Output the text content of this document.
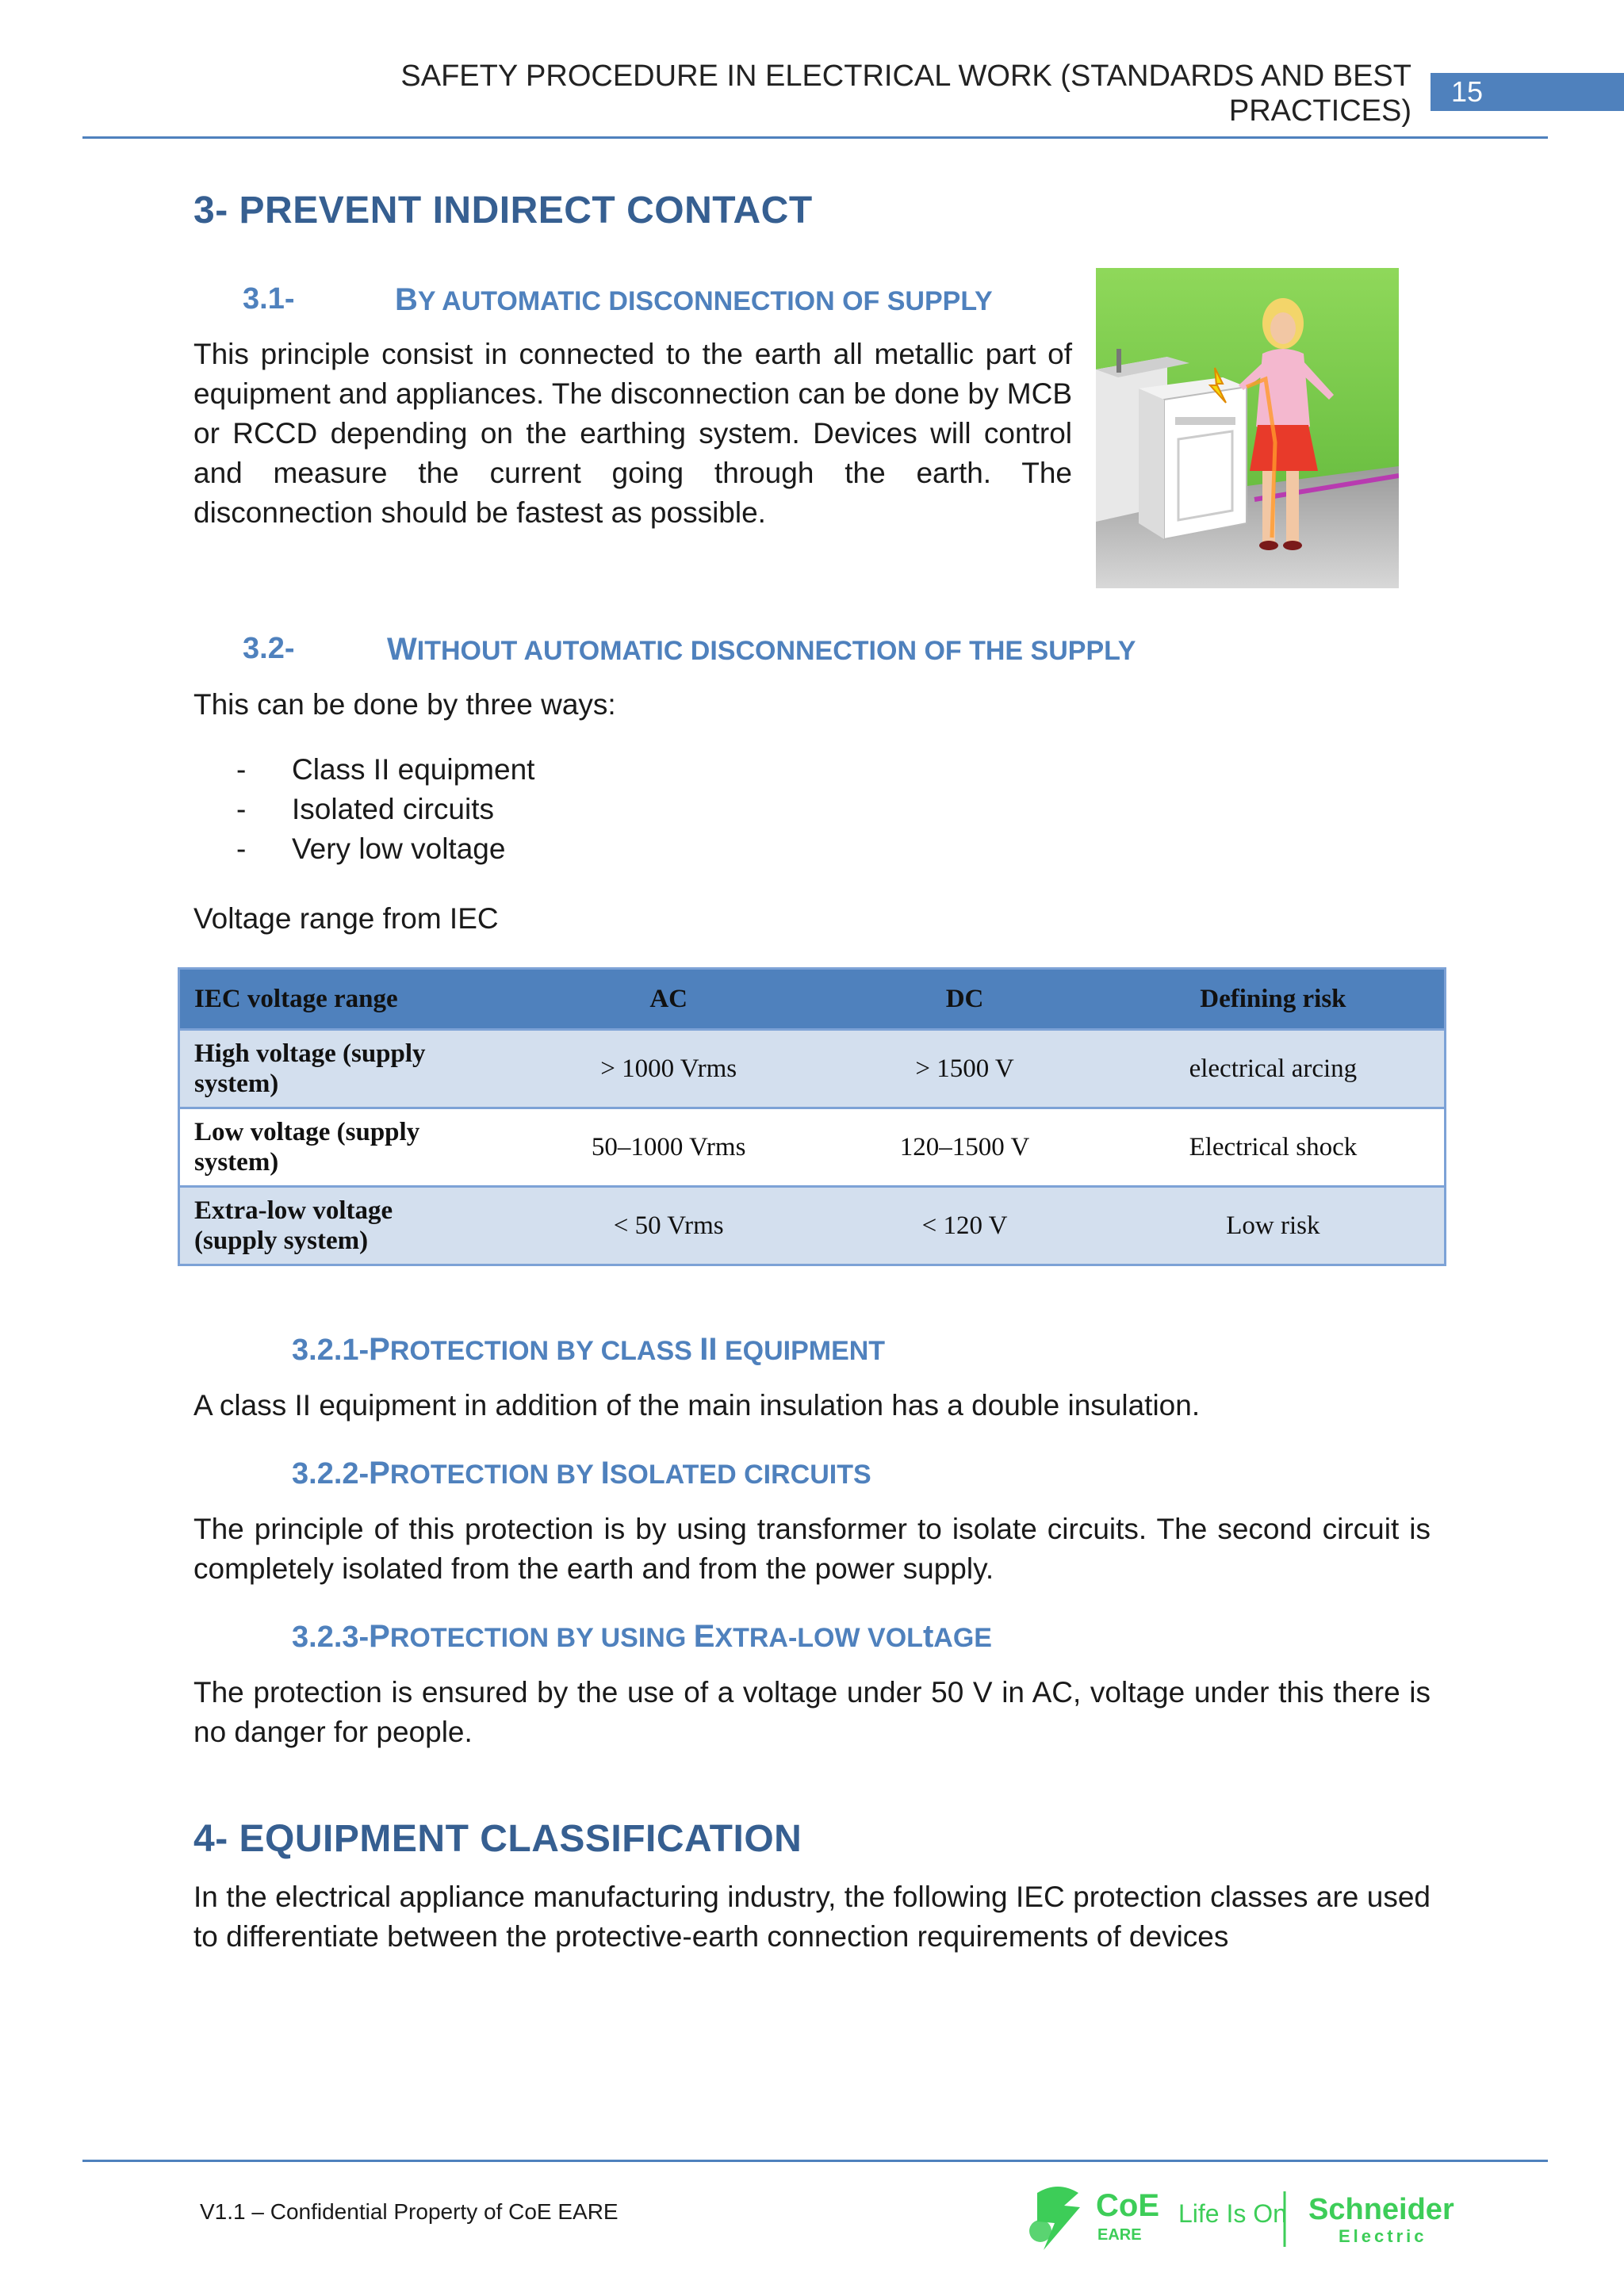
SAFETY PROCEDURE IN ELECTRICAL WORK (STANDARDS AND BEST
PRACTICES)
15
3- PREVENT INDIRECT CONTACT
3.1-	BY AUTOMATIC DISCONNECTION OF SUPPLY
This principle consist in connected to the earth all metallic part of equipment and appliances. The disconnection can be done by MCB or RCCD depending on the earthing system. Devices will control and measure the current going through the earth. The disconnection should be fastest as possible.
3.2-	WITHOUT AUTOMATIC DISCONNECTION OF THE SUPPLY
This can be done by three ways:
- Class II equipment
- Isolated circuits
- Very low voltage
Voltage range from IEC
IEC voltage range	AC	DC	Defining risk

High voltage (supply
system)	> 1000 Vrms	> 1500 V	electrical arcing

Low voltage (supply
system)	50–1000 Vrms	120–1500 V	Electrical shock

Extra-low voltage
(supply system)	< 50 Vrms	< 120 V	Low risk
3.2.1-PROTECTION BY CLASS II EQUIPMENT
A class II equipment in addition of the main insulation has a double insulation.
3.2.2-PROTECTION BY ISOLATED CIRCUITS
The principle of this protection is by using transformer to isolate circuits. The second circuit is completely isolated from the earth and from the power supply.
3.2.3-PROTECTION BY USING EXTRA-LOW VOLtAGE
The protection is ensured by the use of a voltage under 50 V in AC, voltage under this there is no danger for people.
4- EQUIPMENT CLASSIFICATION
In the electrical appliance manufacturing industry, the following IEC protection classes are used to differentiate between the protective-earth connection requirements of devices
V1.1 – Confidential Property of CoE EARE	CoE
EARE
Life Is On Schneider
Electric
